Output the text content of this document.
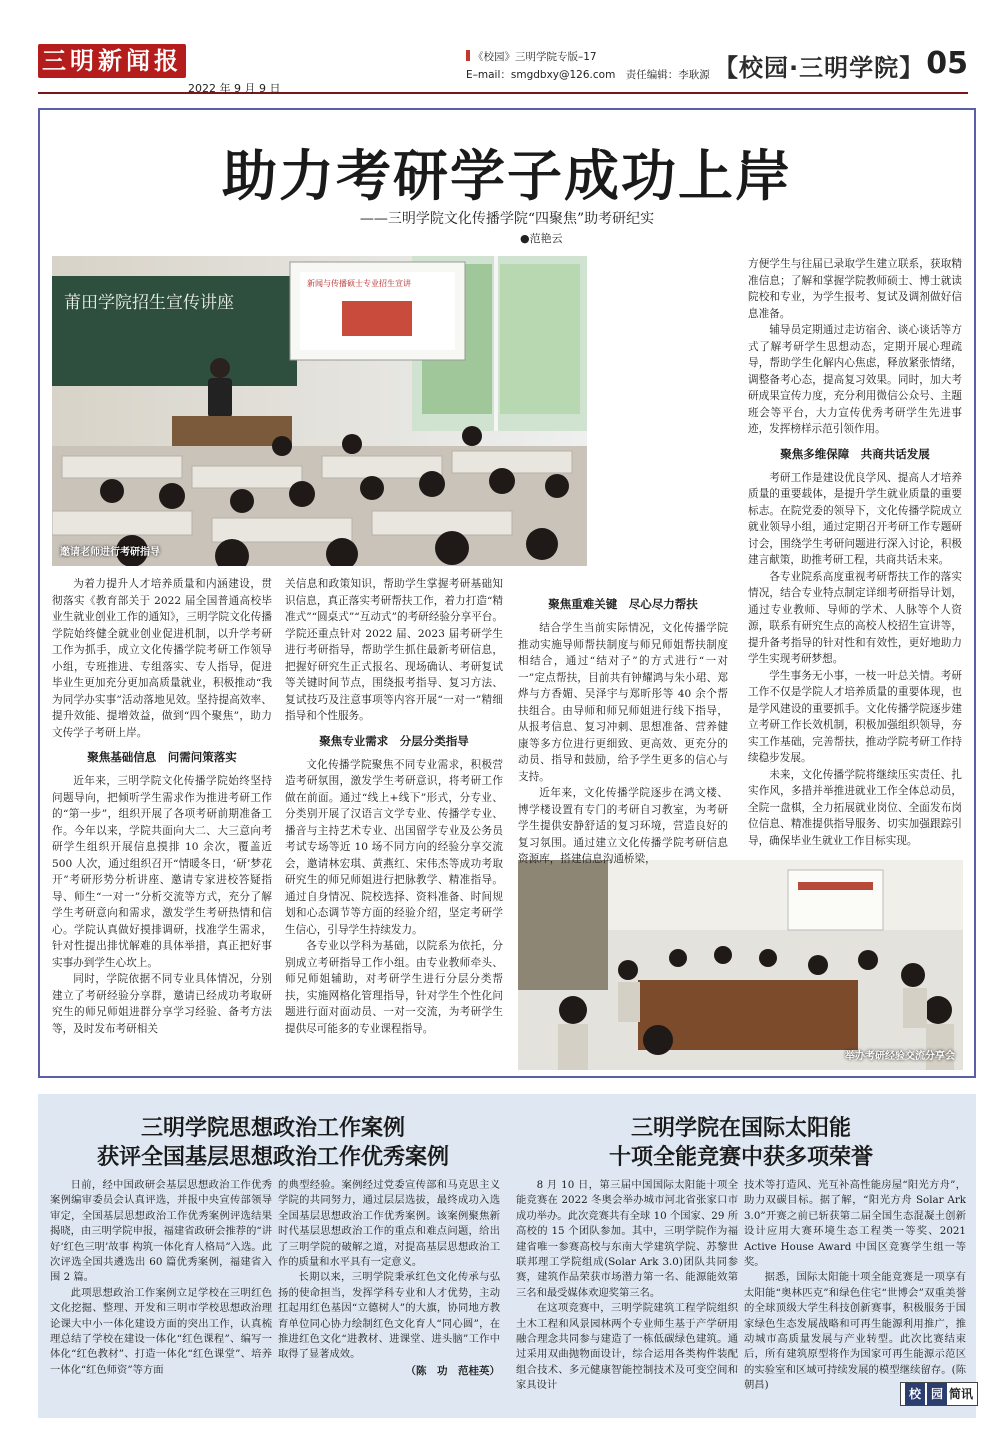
三明新闻报
2022 年 9 月 9 日
《校园》三明学院专版–17
E–mail：smgdbxy@126.com　责任编辑：李耿源 【校园·三明学院】 05
助力考研学子成功上岸
——三明学院文化传播学院“四聚焦”助考研纪实
●范艳云
莆田学院招生宣传讲座
新闻与传播硕士专业招生宣讲
邀请老师进行考研指导
举办考研经验交流分享会

为着力提升人才培养质量和内涵建设，贯彻落实《教育部关于 2022 届全国普通高校毕业生就业创业工作的通知》，三明学院文化传播学院始终健全就业创业促进机制，以升学考研工作为抓手，成立文化传播学院考研工作领导小组，专班推进、专组落实、专人指导，促进毕业生更加充分更加高质量就业，积极推动“我为同学办实事”活动落地见效。坚持提高效率、提升效能、提增效益，做到“四个聚焦”，助力文传学子考研上岸。

聚焦基础信息　问需问策落实

近年来，三明学院文化传播学院始终坚持问题导向，把倾听学生需求作为推进考研工作的“第一步”，组织开展了各项考研前期准备工作。今年以来，学院共面向大二、大三意向考研学生组织开展信息摸排 10 余次，覆盖近 500 人次，通过组织召开“情暖冬日，‘研’梦花开”考研形势分析讲座、邀请专家进校答疑指导、师生“一对一”分析交流等方式，充分了解学生考研意向和需求，激发学生考研热情和信心。学院认真做好摸排调研，找准学生需求，针对性提出排忧解难的具体举措，真正把好事实事办到学生心坎上。

同时，学院依据不同专业具体情况，分别建立了考研经验分享群，邀请已经成功考取研究生的师兄师姐进群分享学习经验、备考方法等，及时发布考研相关

关信息和政策知识，帮助学生掌握考研基础知识信息，真正落实考研帮扶工作，着力打造“精准式”“圆桌式”“互动式”的考研经验分享平台。学院还重点针对 2022 届、2023 届考研学生进行考研指导，帮助学生抓住最新考研信息，把握好研究生正式报名、现场确认、考研复试等关键时间节点，围绕报考指导、复习方法、复试技巧及注意事项等内容开展“一对一”精细指导和个性服务。

聚焦专业需求　分层分类指导

文化传播学院聚焦不同专业需求，积极营造考研氛围，激发学生考研意识，将考研工作做在前面。通过“线上+线下”形式，分专业、分类别开展了汉语言文学专业、传播学专业、播音与主持艺术专业、出国留学专业及公务员考试专场等近 10 场不同方向的经验分享交流会，邀请林宏琪、黄燕红、宋伟杰等成功考取研究生的师兄师姐进行把脉教学、精准指导。通过自身情况、院校选择、资料准备、时间规划和心态调节等方面的经验介绍，坚定考研学生信心，引导学生持续发力。

各专业以学科为基础，以院系为依托，分别成立考研指导工作小组。由专业教师牵头、师兄师姐辅助，对考研学生进行分层分类帮扶，实施网格化管理指导，针对学生个性化问题进行面对面动员、一对一交流，为考研学生提供尽可能多的专业课程指导。

聚焦重难关键　尽心尽力帮扶

结合学生当前实际情况，文化传播学院推动实施导师帮扶制度与师兄师姐帮扶制度相结合，通过“结对子”的方式进行“一对一”定点帮扶，目前共有钟耀鸿与朱小珺、郑烨与方香媚、吴泽宇与郑昕彤等 40 余个帮扶组合。由导师和师兄师姐进行线下指导，从报考信息、复习冲刺、思想准备、营养健康等多方位进行更细致、更高效、更充分的动员、指导和鼓励，给予学生更多的信心与支持。

近年来，文化传播学院逐步在鸿文楼、博学楼设置有专门的考研自习教室，为考研学生提供安静舒适的复习环境，营造良好的复习氛围。通过建立文化传播学院考研信息资源库，搭建信息沟通桥梁，

方便学生与往届已录取学生建立联系，获取精准信息；了解和掌握学院教师硕士、博士就读院校和专业，为学生报考、复试及调剂做好信息准备。

辅导员定期通过走访宿舍、谈心谈话等方式了解考研学生思想动态，定期开展心理疏导，帮助学生化解内心焦虑，释放紧张情绪，调整备考心态，提高复习效果。同时，加大考研成果宣传力度，充分利用微信公众号、主题班会等平台，大力宣传优秀考研学生先进事迹，发挥榜样示范引领作用。

聚焦多维保障　共商共话发展

考研工作是建设优良学风、提高人才培养质量的重要载体，是提升学生就业质量的重要标志。在院党委的领导下，文化传播学院成立就业领导小组，通过定期召开考研工作专题研讨会，围绕学生考研问题进行深入讨论，积极建言献策，助推考研工程，共商共话未来。

各专业院系高度重视考研帮扶工作的落实情况，结合专业特点制定详细考研指导计划，通过专业教师、导师的学术、人脉等个人资源，联系有研究生点的高校人校招生宣讲等，提升备考指导的针对性和有效性，更好地助力学生实现考研梦想。

学生事务无小事，一枝一叶总关情。考研工作不仅是学院人才培养质量的重要体现，也是学风建设的重要抓手。文化传播学院逐步建立考研工作长效机制，积极加强组织领导，夯实工作基础，完善帮扶，推动学院考研工作持续稳步发展。

未来，文化传播学院将继续压实责任、扎实作风，多措并举推进就业工作全体总动员，全院一盘棋，全力拓展就业岗位、全面发布岗位信息、精准提供指导服务、切实加强跟踪引导，确保毕业生就业工作目标实现。

三明学院思想政治工作案例
获评全国基层思想政治工作优秀案例

日前，经中国政研会基层思想政治工作优秀案例编审委员会认真评选，并报中央宣传部领导审定，全国基层思想政治工作优秀案例评选结果揭晓，由三明学院申报，福建省政研会推荐的“讲好‘红色三明’故事 构筑一体化育人格局”入选。此次评选全国共遴选出 60 篇优秀案例，福建省入围 2 篇。

此项思想政治工作案例立足学校在三明红色文化挖掘、整理、开发和三明市学校思想政治理论课大中小一体化建设方面的突出工作，认真梳理总结了学校在建设一体化“红色课程”、编写一体化“红色教材”、打造一体化“红色课堂”、培养一体化“红色师资”等方面

的典型经验。案例经过党委宣传部和马克思主义学院的共同努力，通过层层选拔，最终成功入选全国基层思想政治工作优秀案例。该案例聚焦新时代基层思想政治工作的重点和难点问题，给出了三明学院的破解之道，对提高基层思想政治工作的质量和水平具有一定意义。

长期以来，三明学院秉承红色文化传承与弘扬的使命担当，发挥学科专业和人才优势，主动扛起用红色基因“立德树人”的大旗，协同地方教育单位同心协力绘制红色文化育人“同心圆”，在推进红色文化“进教材、进课堂、进头脑”工作中取得了显著成效。

（陈　功　范桂英）
三明学院在国际太阳能
十项全能竞赛中获多项荣誉

8 月 10 日，第三届中国国际太阳能十项全能竞赛在 2022 冬奥会举办城市河北省张家口市成功举办。此次竞赛共有全球 10 个国家、29 所高校的 15 个团队参加。其中，三明学院作为福建省唯一参赛高校与东南大学建筑学院、苏黎世联邦理工学院组成(Solar Ark 3.0)团队共同参赛，建筑作品荣获市场潜力第一名、能源能效第三名和最受媒体欢迎奖第三名。

在这项竞赛中，三明学院建筑工程学院组织土木工程和风景园林两个专业师生基于产学研用融合理念共同参与建造了一栋低碳绿色建筑。通过采用双曲抛物面设计，综合运用各类构件装配组合技术、多元健康智能控制技术及可变空间和家具设计

技术等打造风、光互补高性能房屋“阳光方舟”，助力双碳目标。据了解，“阳光方舟 Solar Ark 3.0”开赛之前已斩获第二届全国生态混凝土创新设计应用大赛环境生态工程类一等奖、2021 Active House Award 中国区竞赛学生组一等奖。

据悉，国际太阳能十项全能竞赛是一项享有太阳能“奥林匹克”和绿色住宅“世博会”双重美誉的全球顶级大学生科技创新赛事，积极服务于国家绿色生态发展战略和可再生能源利用推广，推动城市高质量发展与产业转型。此次比赛结束后，所有建筑原型将作为国家可再生能源示范区的实验室和区域可持续发展的模型继续留存。(陈朝昌)

校 园 简讯
